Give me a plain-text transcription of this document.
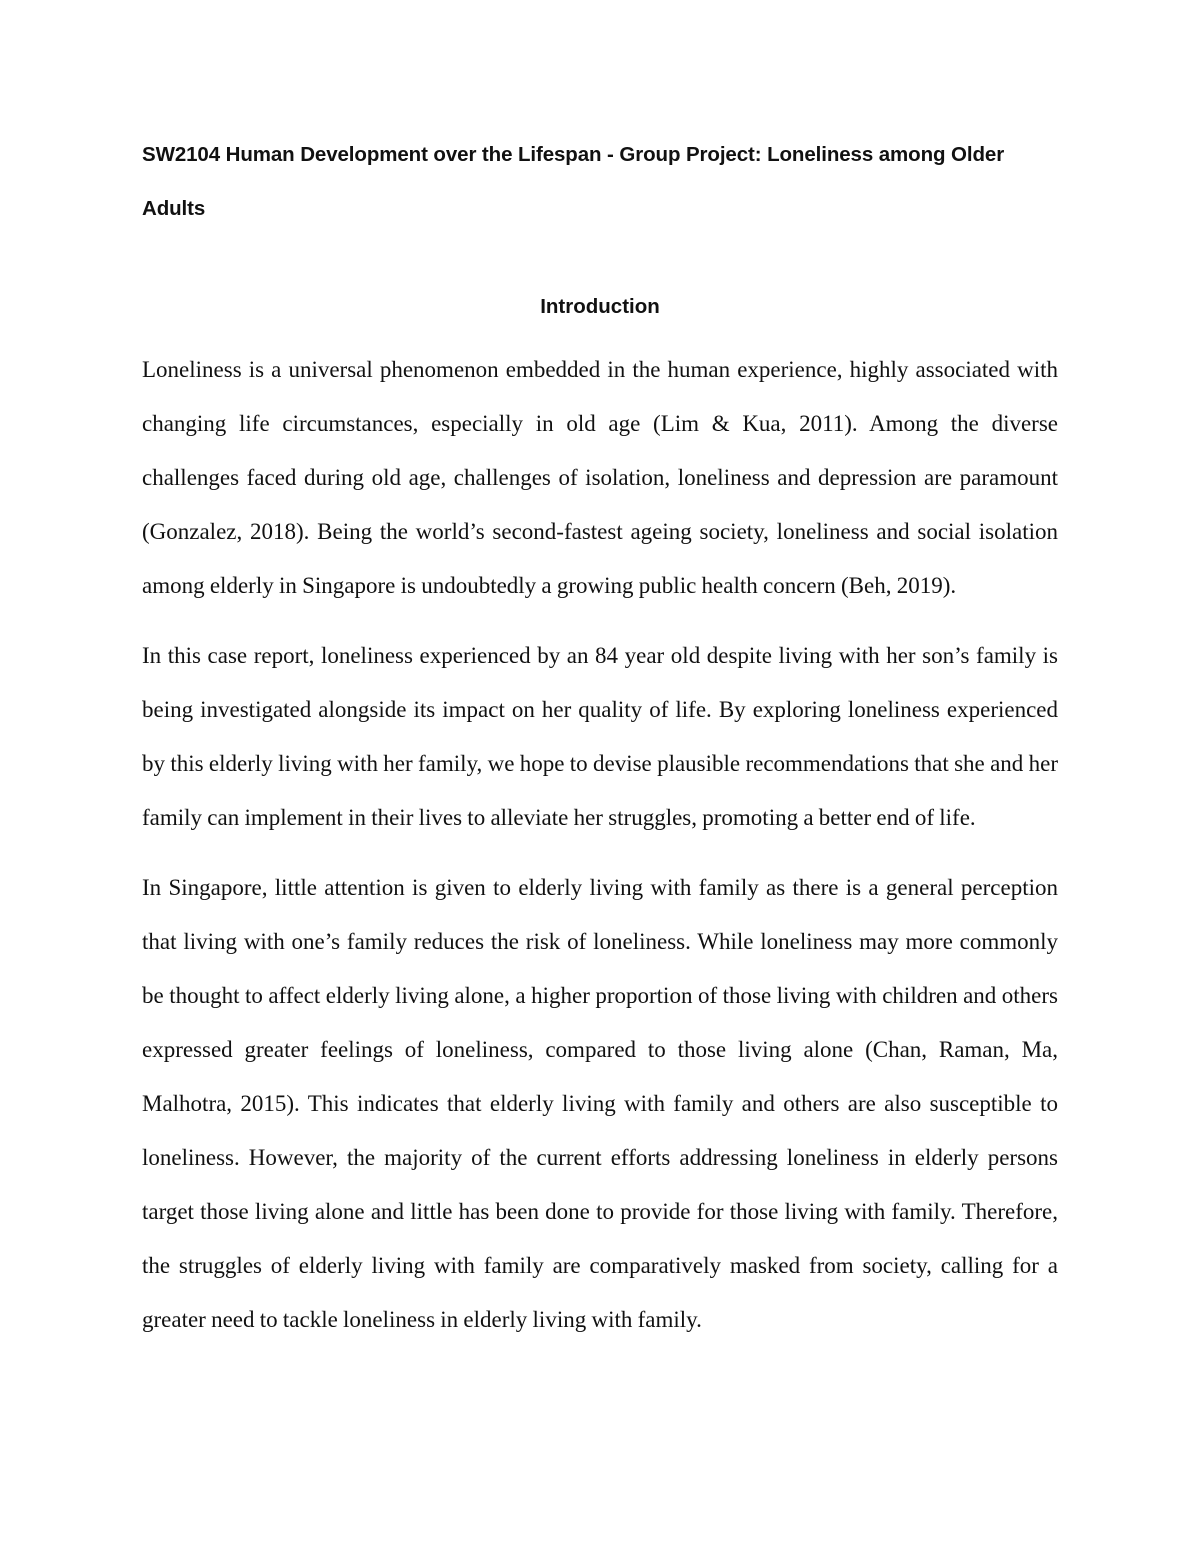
SW2104 Human Development over the Lifespan - Group Project: Loneliness among Older Adults
Introduction

Loneliness is a universal phenomenon embedded in the human experience, highly associated with changing life circumstances, especially in old age (Lim & Kua, 2011). Among the diverse challenges faced during old age, challenges of isolation, loneliness and depression are paramount (Gonzalez, 2018). Being the world’s second-fastest ageing society, loneliness and social isolation among elderly in Singapore is undoubtedly a growing public health concern (Beh, 2019).

In this case report, loneliness experienced by an 84 year old despite living with her son’s family is being investigated alongside its impact on her quality of life. By exploring loneliness experienced by this elderly living with her family, we hope to devise plausible recommendations that she and her family can implement in their lives to alleviate her struggles, promoting a better end of life.

In Singapore, little attention is given to elderly living with family as there is a general perception that living with one’s family reduces the risk of loneliness. While loneliness may more commonly be thought to affect elderly living alone, a higher proportion of those living with children and others expressed greater feelings of loneliness, compared to those living alone (Chan, Raman, Ma, Malhotra, 2015). This indicates that elderly living with family and others are also susceptible to loneliness. However, the majority of the current efforts addressing loneliness in elderly persons target those living alone and little has been done to provide for those living with family. Therefore, the struggles of elderly living with family are comparatively masked from society, calling for a greater need to tackle loneliness in elderly living with family.
